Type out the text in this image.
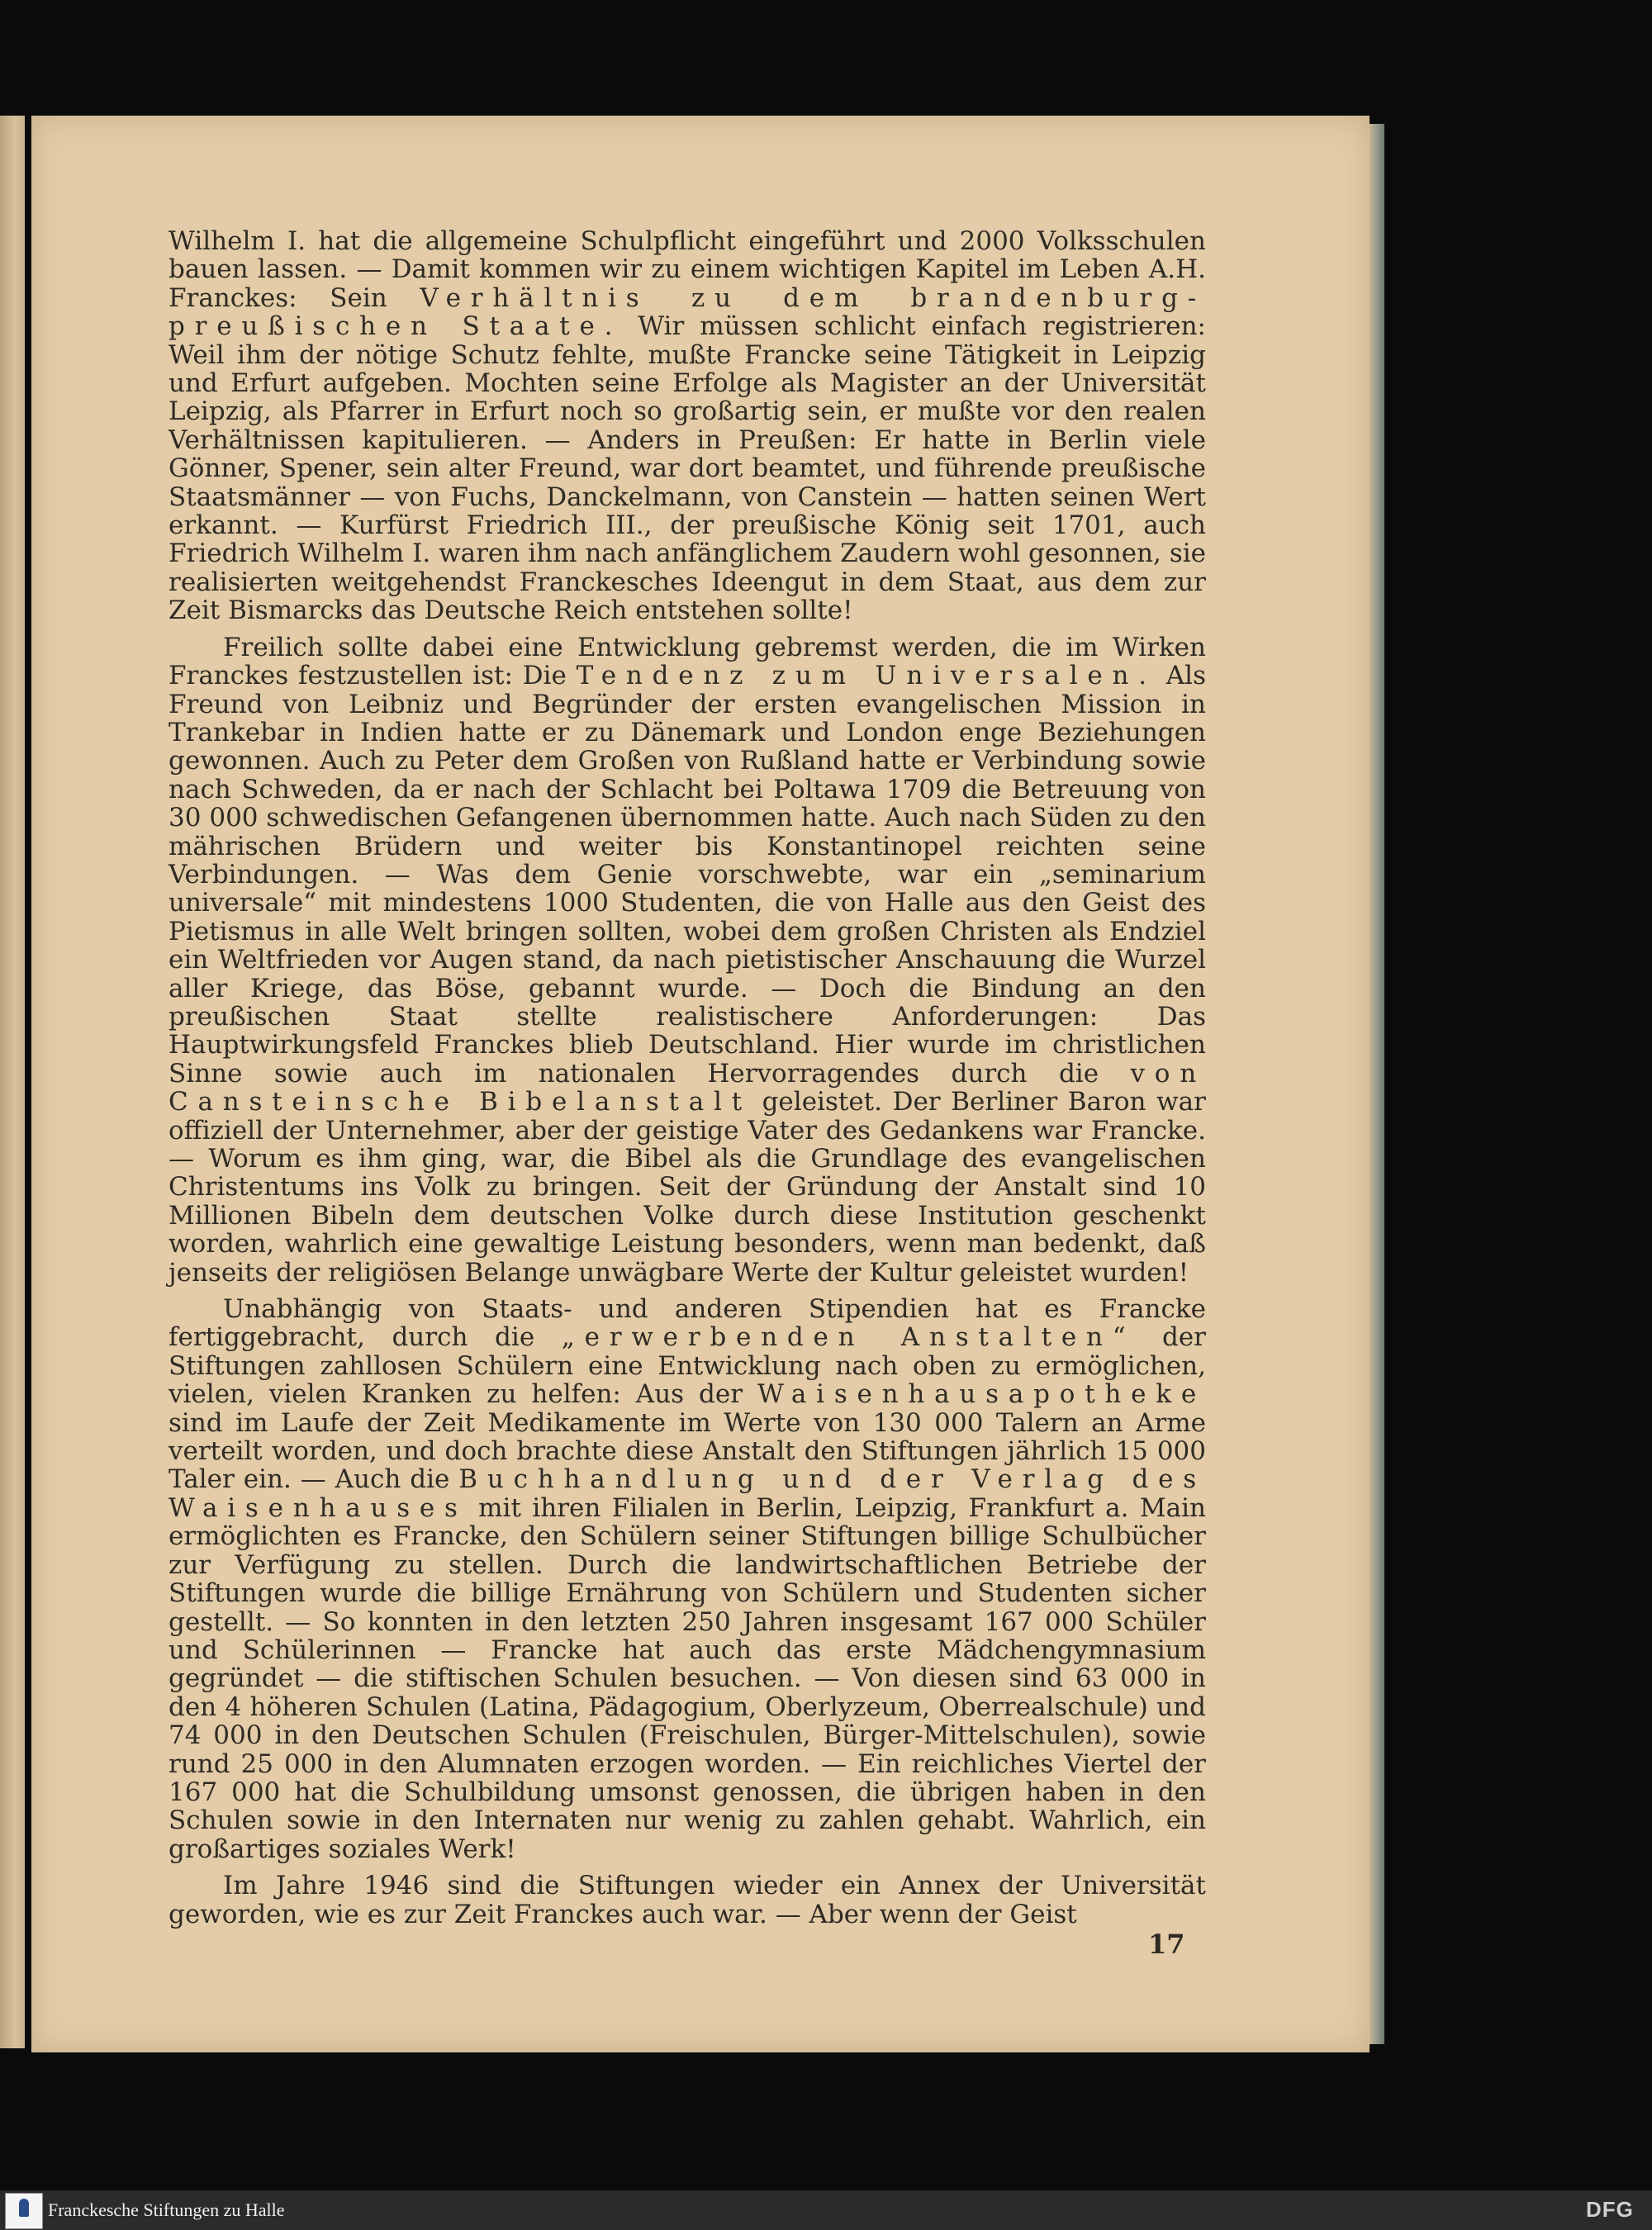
Wilhelm I. hat die allgemeine Schulpflicht eingeführt und 2000 Volksschulen bauen lassen. — Damit kommen wir zu einem wichtigen Kapitel im Leben A.H. Franckes: Sein Verhältnis zu dem brandenburg-preußischen Staate. Wir müssen schlicht einfach registrieren: Weil ihm der nötige Schutz fehlte, mußte Francke seine Tätigkeit in Leipzig und Erfurt aufgeben. Mochten seine Erfolge als Magister an der Universität Leipzig, als Pfarrer in Erfurt noch so großartig sein, er mußte vor den realen Verhältnissen kapitulieren. — Anders in Preußen: Er hatte in Berlin viele Gönner, Spener, sein alter Freund, war dort beamtet, und führende preußische Staatsmänner — von Fuchs, Danckelmann, von Canstein — hatten seinen Wert erkannt. — Kurfürst Friedrich III., der preußische König seit 1701, auch Friedrich Wilhelm I. waren ihm nach anfänglichem Zaudern wohl gesonnen, sie realisierten weitgehendst Franckesches Ideengut in dem Staat, aus dem zur Zeit Bismarcks das Deutsche Reich entstehen sollte!

Freilich sollte dabei eine Entwicklung gebremst werden, die im Wirken Franckes festzustellen ist: Die Tendenz zum Universalen. Als Freund von Leibniz und Begründer der ersten evangelischen Mission in Trankebar in Indien hatte er zu Dänemark und London enge Beziehungen gewonnen. Auch zu Peter dem Großen von Rußland hatte er Verbindung sowie nach Schweden, da er nach der Schlacht bei Poltawa 1709 die Betreuung von 30 000 schwedischen Gefangenen übernommen hatte. Auch nach Süden zu den mährischen Brüdern und weiter bis Konstantinopel reichten seine Verbindungen. — Was dem Genie vorschwebte, war ein „seminarium universale“ mit mindestens 1000 Studenten, die von Halle aus den Geist des Pietismus in alle Welt bringen sollten, wobei dem großen Christen als Endziel ein Weltfrieden vor Augen stand, da nach pietistischer Anschauung die Wurzel aller Kriege, das Böse, gebannt wurde. — Doch die Bindung an den preußischen Staat stellte realistischere Anforderungen: Das Hauptwirkungsfeld Franckes blieb Deutschland. Hier wurde im christlichen Sinne sowie auch im nationalen Hervorragendes durch die von Cansteinsche Bibelanstalt geleistet. Der Berliner Baron war offiziell der Unternehmer, aber der geistige Vater des Gedankens war Francke. — Worum es ihm ging, war, die Bibel als die Grundlage des evangelischen Christentums ins Volk zu bringen. Seit der Gründung der Anstalt sind 10 Millionen Bibeln dem deutschen Volke durch diese Institution geschenkt worden, wahrlich eine gewaltige Leistung besonders, wenn man bedenkt, daß jenseits der religiösen Belange unwägbare Werte der Kultur geleistet wurden!

Unabhängig von Staats- und anderen Stipendien hat es Francke fertiggebracht, durch die „erwerbenden Anstalten“ der Stiftungen zahllosen Schülern eine Entwicklung nach oben zu ermöglichen, vielen, vielen Kranken zu helfen: Aus der Waisenhausapotheke sind im Laufe der Zeit Medikamente im Werte von 130 000 Talern an Arme verteilt worden, und doch brachte diese Anstalt den Stiftungen jährlich 15 000 Taler ein. — Auch die Buchhandlung und der Verlag des Waisenhauses mit ihren Filialen in Berlin, Leipzig, Frankfurt a. Main ermöglichten es Francke, den Schülern seiner Stiftungen billige Schulbücher zur Verfügung zu stellen. Durch die landwirtschaftlichen Betriebe der Stiftungen wurde die billige Ernährung von Schülern und Studenten sicher gestellt. — So konnten in den letzten 250 Jahren insgesamt 167 000 Schüler und Schülerinnen — Francke hat auch das erste Mädchengymnasium gegründet — die stiftischen Schulen besuchen. — Von diesen sind 63 000 in den 4 höheren Schulen (Latina, Pädagogium, Oberlyzeum, Oberrealschule) und 74 000 in den Deutschen Schulen (Freischulen, Bürger-Mittelschulen), sowie rund 25 000 in den Alumnaten erzogen worden. — Ein reichliches Viertel der 167 000 hat die Schulbildung umsonst genossen, die übrigen haben in den Schulen sowie in den Internaten nur wenig zu zahlen gehabt. Wahrlich, ein großartiges soziales Werk!

Im Jahre 1946 sind die Stiftungen wieder ein Annex der Universität geworden, wie es zur Zeit Franckes auch war. — Aber wenn der Geist

17
Franckesche Stiftungen zu Halle	DFG
